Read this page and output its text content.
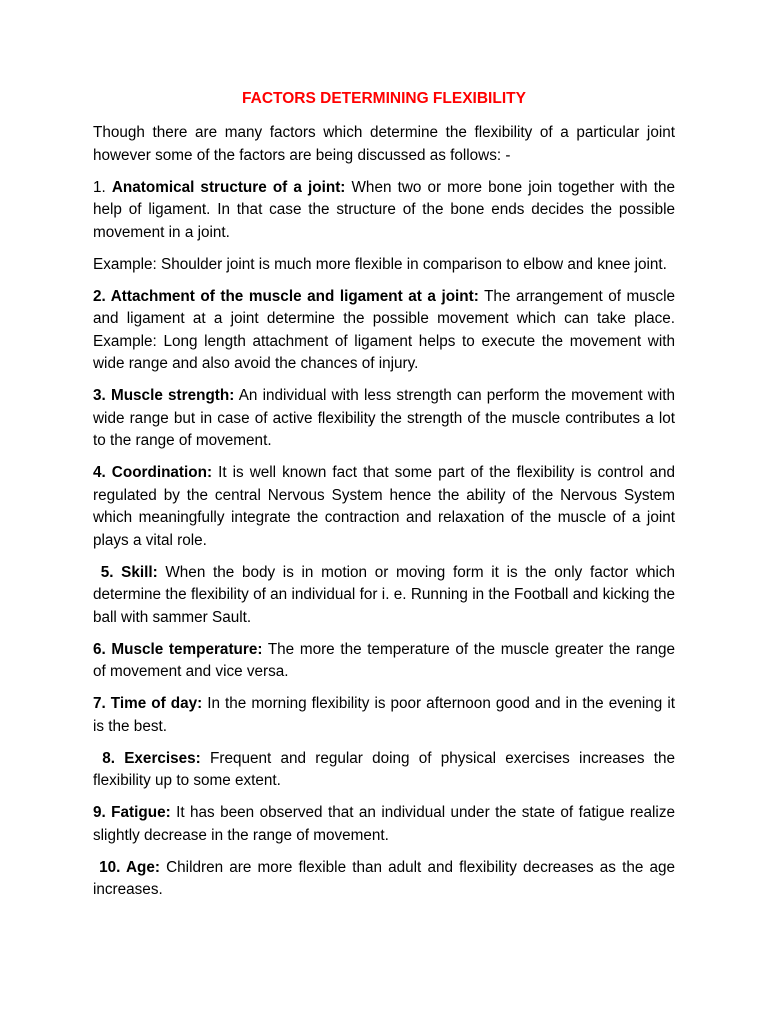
FACTORS DETERMINING FLEXIBILITY

Though there are many factors which determine the flexibility of a particular joint however some of the factors are being discussed as follows: -

1. Anatomical structure of a joint: When two or more bone join together with the help of ligament. In that case the structure of the bone ends decides the possible movement in a joint.

Example: Shoulder joint is much more flexible in comparison to elbow and knee joint.

2. Attachment of the muscle and ligament at a joint: The arrangement of muscle and ligament at a joint determine the possible movement which can take place. Example: Long length attachment of ligament helps to execute the movement with wide range and also avoid the chances of injury.

3. Muscle strength: An individual with less strength can perform the movement with wide range but in case of active flexibility the strength of the muscle contributes a lot to the range of movement.

4. Coordination: It is well known fact that some part of the flexibility is control and regulated by the central Nervous System hence the ability of the Nervous System which meaningfully integrate the contraction and relaxation of the muscle of a joint plays a vital role.

5. Skill: When the body is in motion or moving form it is the only factor which determine the flexibility of an individual for i. e. Running in the Football and kicking the ball with sammer Sault.

6. Muscle temperature: The more the temperature of the muscle greater the range of movement and vice versa.

7. Time of day: In the morning flexibility is poor afternoon good and in the evening it is the best.

8. Exercises: Frequent and regular doing of physical exercises increases the flexibility up to some extent.

9. Fatigue: It has been observed that an individual under the state of fatigue realize slightly decrease in the range of movement.

10. Age: Children are more flexible than adult and flexibility decreases as the age increases.
